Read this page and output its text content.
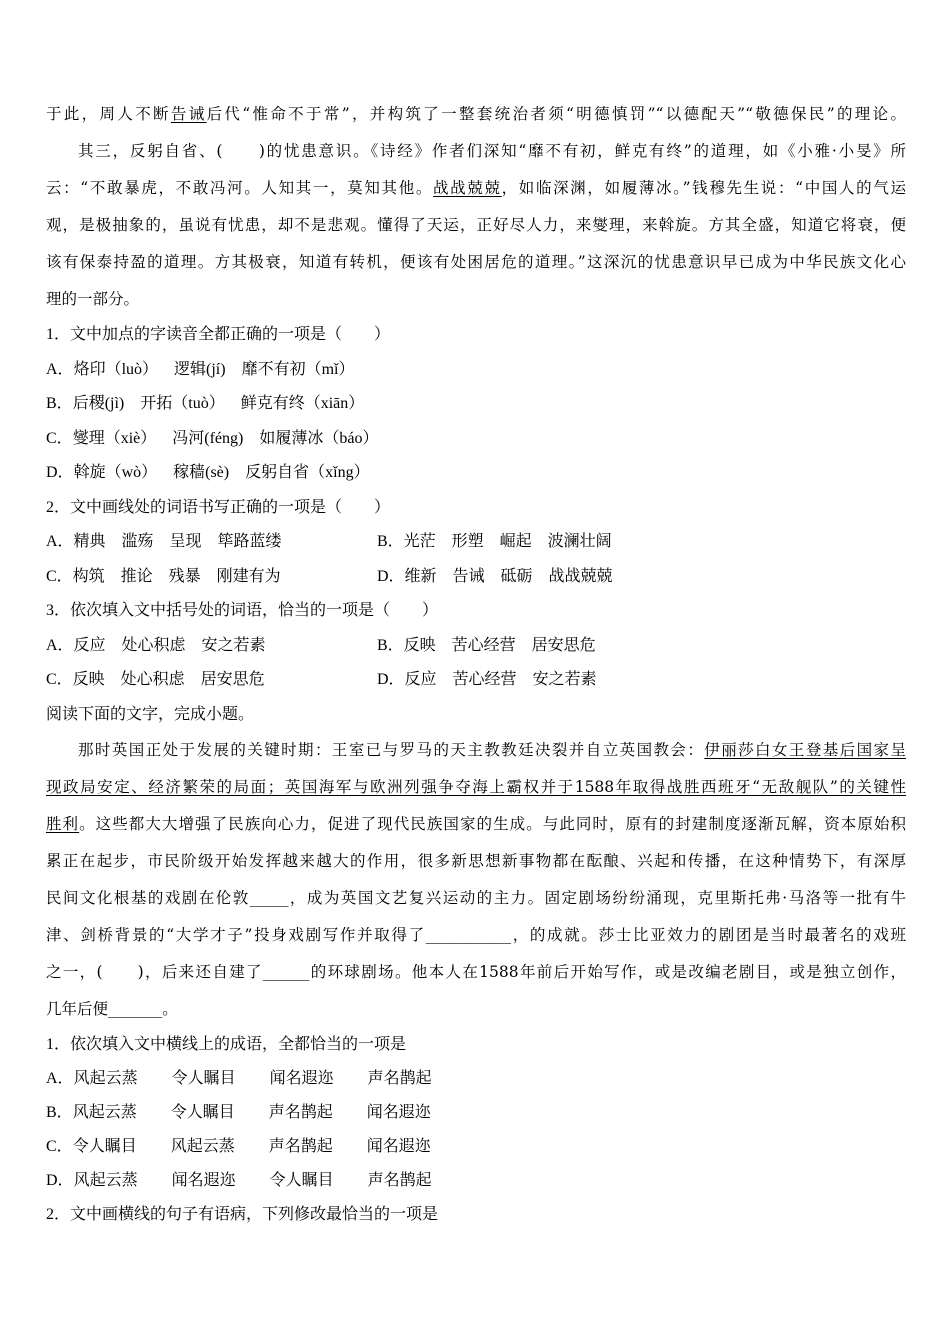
于此，周人不断告诫后代“惟命不于常”，并构筑了一整套统治者须“明德慎罚”“以德配天”“敬德保民”的理论。

其三，反躬自省、(　　)的忧患意识。《诗经》作者们深知“靡不有初，鲜克有终”的道理，如《小雅·小旻》所

云：“不敢暴虎，不敢冯河。人知其一，莫知其他。战战兢兢，如临深渊，如履薄冰。”钱穆先生说：“中国人的气运

观，是极抽象的，虽说有忧患，却不是悲观。懂得了天运，正好尽人力，来燮理，来斡旋。方其全盛，知道它将衰，便

该有保泰持盈的道理。方其极衰，知道有转机，便该有处困居危的道理。”这深沉的忧患意识早已成为中华民族文化心

理的一部分。

1．文中加点的字读音全都正确的一项是（　　）
A．烙印（luò） 逻辑(jí) 靡不有初（mǐ）
B．后稷(jì) 开拓（tuò） 鲜克有终（xiān）
C．燮理（xiè） 冯河(féng) 如履薄冰（báo）
D．斡旋（wò） 稼穑(sè) 反躬自省（xǐng）
2．文中画线处的词语书写正确的一项是（　　）
A．精典　滥殇　呈现　筚路蓝缕	B．光茫　形塑　崛起　波澜壮阔
C．构筑　推论　残暴　刚建有为	D．维新　告诫　砥砺　战战兢兢
3．依次填入文中括号处的词语，恰当的一项是（　　）
A．反应　处心积虑　安之若素	B．反映　苦心经营　居安思危
C．反映　处心积虑　居安思危	D．反应　苦心经营　安之若素
阅读下面的文字，完成小题。

那时英国正处于发展的关键时期：王室已与罗马的天主教教廷决裂并自立英国教会：伊丽莎白女王登基后国家呈

现政局安定、经济繁荣的局面；英国海军与欧洲列强争夺海上霸权并于1588年取得战胜西班牙“无敌舰队”的关键性

胜利。这些都大大增强了民族向心力，促进了现代民族国家的生成。与此同时，原有的封建制度逐渐瓦解，资本原始积

累正在起步，市民阶级开始发挥越来越大的作用，很多新思想新事物都在酝酿、兴起和传播，在这种情势下，有深厚

民间文化根基的戏剧在伦敦_____，成为英国文艺复兴运动的主力。固定剧场纷纷涌现，克里斯托弗·马洛等一批有牛

津、剑桥背景的“大学才子”投身戏剧写作并取得了___________，的成就。莎士比亚效力的剧团是当时最著名的戏班

之一，(　　)，后来还自建了______的环球剧场。他本人在1588年前后开始写作，或是改编老剧目，或是独立创作，

几年后便_______。

1．依次填入文中横线上的成语，全都恰当的一项是
A．风起云蒸 令人瞩目 闻名遐迩 声名鹊起
B．风起云蒸 令人瞩目 声名鹊起 闻名遐迩
C．令人瞩目 风起云蒸 声名鹊起 闻名遐迩
D．风起云蒸 闻名遐迩 令人瞩目 声名鹊起
2．文中画横线的句子有语病，下列修改最恰当的一项是
